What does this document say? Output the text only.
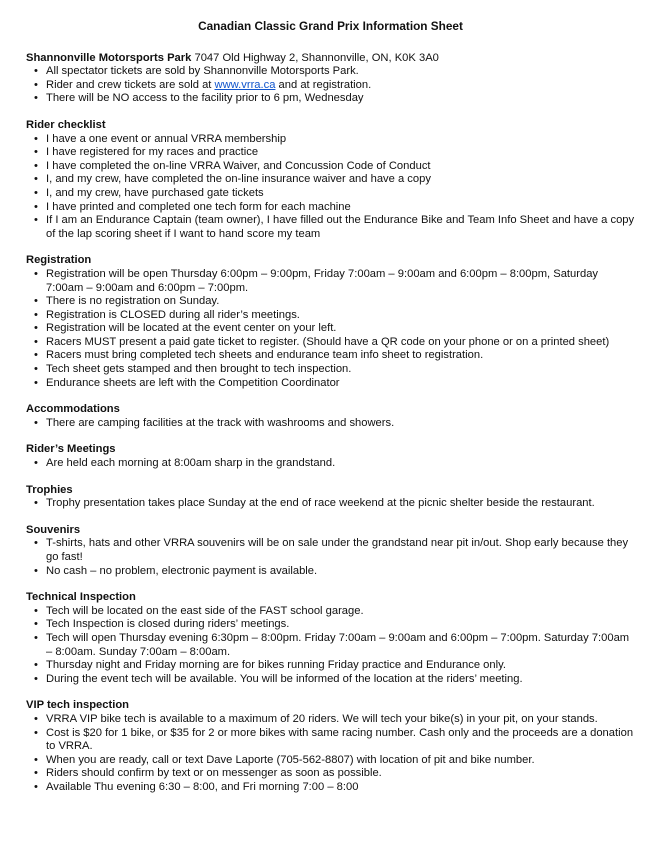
Canadian Classic Grand Prix Information Sheet
Shannonville Motorsports Park 7047 Old Highway 2, Shannonville, ON, K0K 3A0
• All spectator tickets are sold by Shannonville Motorsports Park.
• Rider and crew tickets are sold at www.vrra.ca and at registration.
• There will be NO access to the facility prior to 6 pm, Wednesday
Rider checklist
• I have a one event or annual VRRA membership
• I have registered for my races and practice
• I have completed the on-line VRRA Waiver, and Concussion Code of Conduct
• I, and my crew, have completed the on-line insurance waiver and have a copy
• I, and my crew, have purchased gate tickets
• I have printed and completed one tech form for each machine
• If I am an Endurance Captain (team owner), I have filled out the Endurance Bike and Team Info Sheet and have a copy of the lap scoring sheet if I want to hand score my team
Registration
• Registration will be open Thursday 6:00pm – 9:00pm, Friday 7:00am – 9:00am and 6:00pm – 8:00pm, Saturday 7:00am – 9:00am and 6:00pm – 7:00pm.
• There is no registration on Sunday.
• Registration is CLOSED during all rider’s meetings.
• Registration will be located at the event center on your left.
• Racers MUST present a paid gate ticket to register. (Should have a QR code on your phone or on a printed sheet)
• Racers must bring completed tech sheets and endurance team info sheet to registration.
• Tech sheet gets stamped and then brought to tech inspection.
• Endurance sheets are left with the Competition Coordinator
Accommodations
• There are camping facilities at the track with washrooms and showers.
Rider’s Meetings
• Are held each morning at 8:00am sharp in the grandstand.
Trophies
• Trophy presentation takes place Sunday at the end of race weekend at the picnic shelter beside the restaurant.
Souvenirs
• T-shirts, hats and other VRRA souvenirs will be on sale under the grandstand near pit in/out. Shop early because they go fast!
• No cash – no problem, electronic payment is available.
Technical Inspection
• Tech will be located on the east side of the FAST school garage.
• Tech Inspection is closed during riders’ meetings.
• Tech will open Thursday evening 6:30pm – 8:00pm. Friday 7:00am – 9:00am and 6:00pm – 7:00pm. Saturday 7:00am – 8:00am. Sunday 7:00am – 8:00am.
• Thursday night and Friday morning are for bikes running Friday practice and Endurance only.
• During the event tech will be available. You will be informed of the location at the riders’ meeting.
VIP tech inspection
• VRRA VIP bike tech is available to a maximum of 20 riders. We will tech your bike(s) in your pit, on your stands.
• Cost is $20 for 1 bike, or $35 for 2 or more bikes with same racing number. Cash only and the proceeds are a donation to VRRA.
• When you are ready, call or text Dave Laporte (705-562-8807) with location of pit and bike number.
• Riders should confirm by text or on messenger as soon as possible.
• Available Thu evening 6:30 – 8:00, and Fri morning 7:00 – 8:00
